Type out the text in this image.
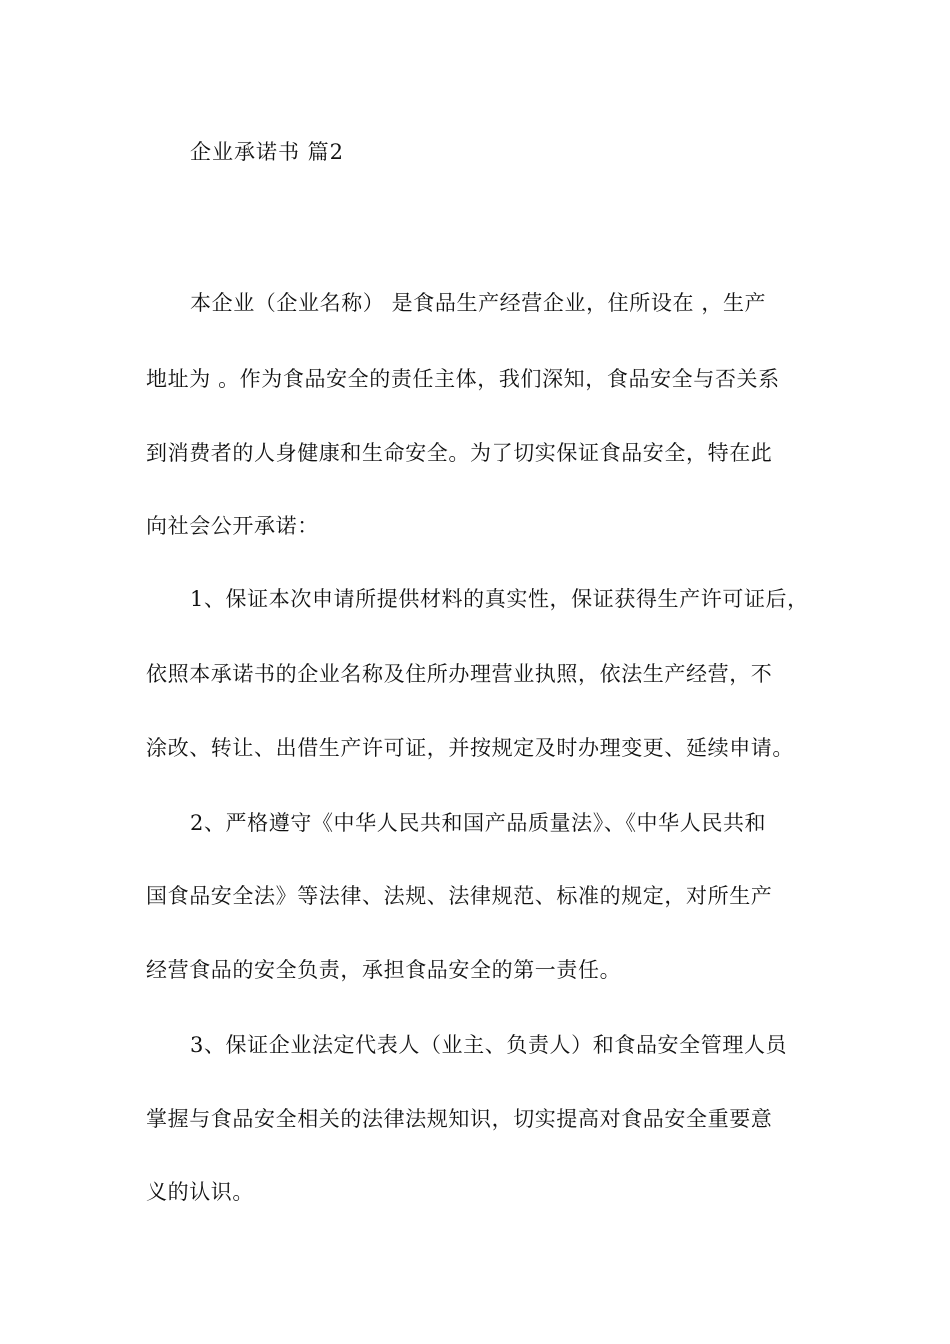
企业承诺书 篇2
本企业（企业名称） 是食品生产经营企业，住所设在 ，生产
地址为 。作为食品安全的责任主体，我们深知，食品安全与否关系
到消费者的人身健康和生命安全。为了切实保证食品安全，特在此
向社会公开承诺：
1、保证本次申请所提供材料的真实性，保证获得生产许可证后，
依照本承诺书的企业名称及住所办理营业执照，依法生产经营，不
涂改、转让、出借生产许可证，并按规定及时办理变更、延续申请。
2、严格遵守《中华人民共和国产品质量法》、《中华人民共和
国食品安全法》等法律、法规、法律规范、标准的规定，对所生产
经营食品的安全负责，承担食品安全的第一责任。
3、保证企业法定代表人（业主、负责人）和食品安全管理人员
掌握与食品安全相关的法律法规知识，切实提高对食品安全重要意
义的认识。
